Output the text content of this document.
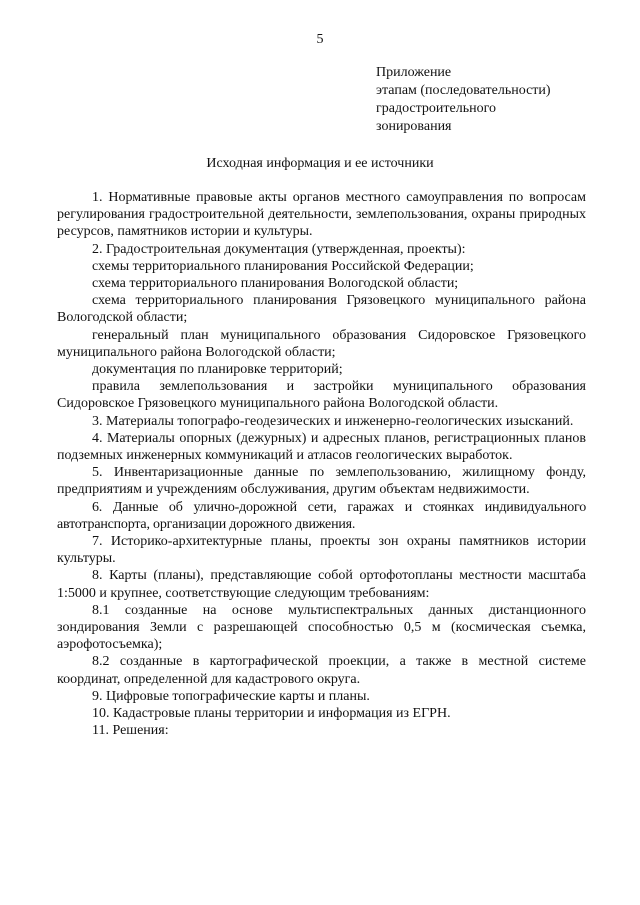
5
Приложение
этапам (последовательности)
градостроительного
зонирования
Исходная информация и ее источники

1. Нормативные правовые акты органов местного самоуправления по вопросам регулирования градостроительной деятельности, землепользования, охраны природных ресурсов, памятников истории и культуры.

2. Градостроительная документация (утвержденная, проекты):

схемы территориального планирования Российской Федерации;

схема территориального планирования Вологодской области;

схема территориального планирования Грязовецкого муниципального района Вологодской области;

генеральный план муниципального образования Сидоровское Грязовецкого муниципального района Вологодской области;

документация по планировке территорий;

правила землепользования и застройки муниципального образования Сидоровское Грязовецкого муниципального района Вологодской области.

3. Материалы топографо-геодезических и инженерно-геологических изысканий.

4. Материалы опорных (дежурных) и адресных планов, регистрационных планов подземных инженерных коммуникаций и атласов геологических выработок.

5. Инвентаризационные данные по землепользованию, жилищному фонду, предприятиям и учреждениям обслуживания, другим объектам недвижимости.

6. Данные об улично-дорожной сети, гаражах и стоянках индивидуального автотранспорта, организации дорожного движения.

7. Историко-архитектурные планы, проекты зон охраны памятников истории культуры.

8. Карты (планы), представляющие собой ортофотопланы местности масштаба 1:5000 и крупнее, соответствующие следующим требованиям:

8.1 созданные на основе мультиспектральных данных дистанционного зондирования Земли с разрешающей способностью 0,5 м (космическая съемка, аэрофотосъемка);

8.2 созданные в картографической проекции, а также в местной системе координат, определенной для кадастрового округа.

9. Цифровые топографические карты и планы.

10. Кадастровые планы территории и информация из ЕГРН.

11. Решения:
